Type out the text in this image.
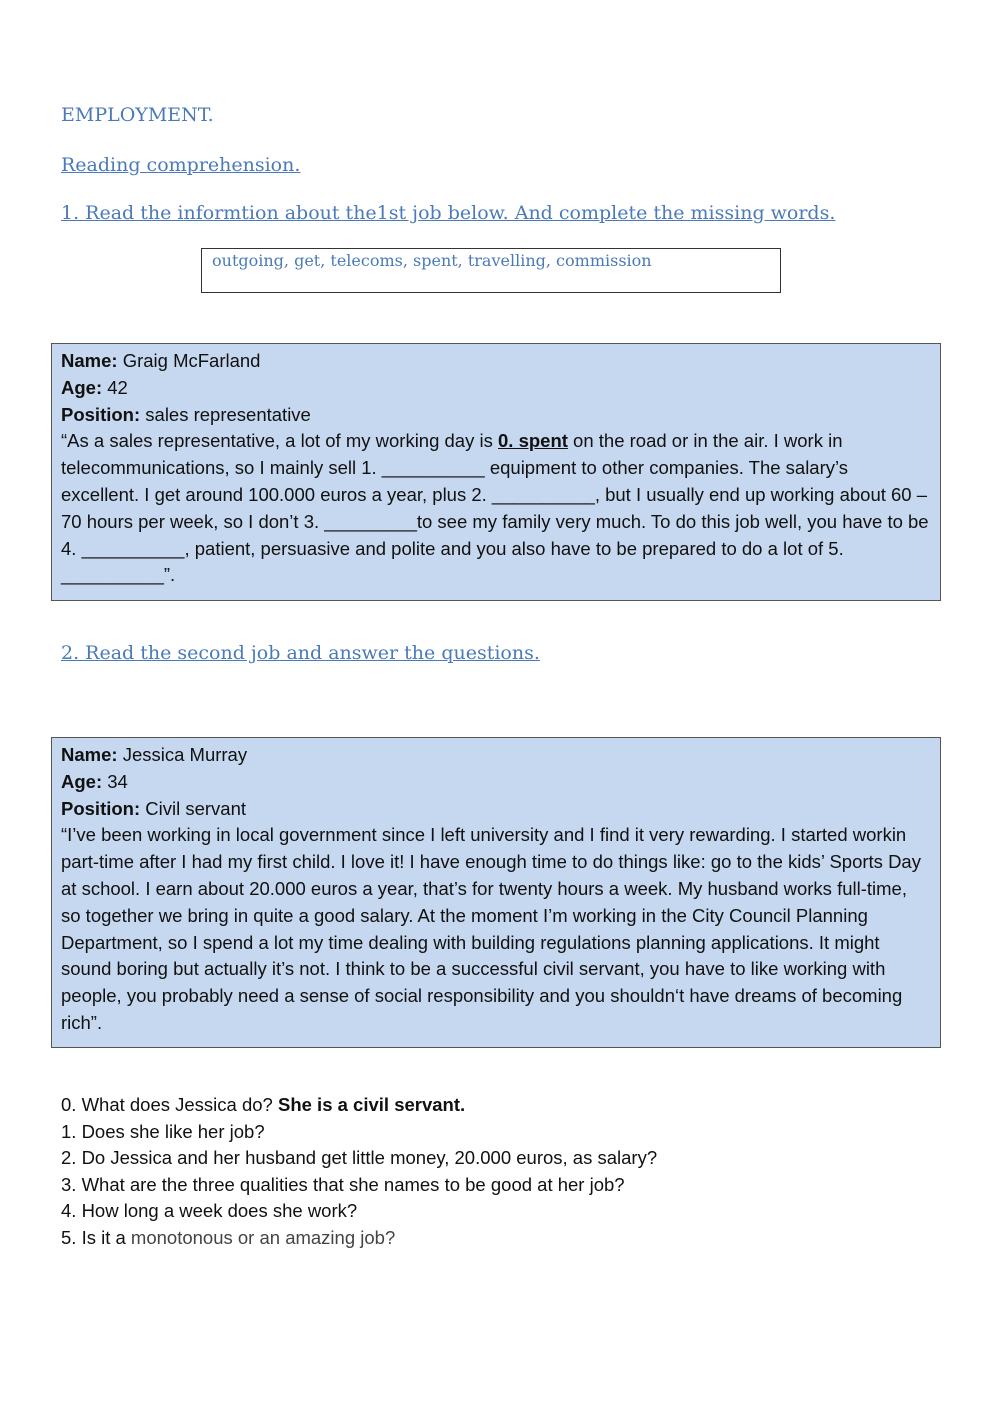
EMPLOYMENT.
Reading comprehension.
1. Read the informtion about the1st job below. And complete the missing words.
outgoing, get, telecoms, spent, travelling, commission

Name: Graig McFarland

Age: 42

Position: sales representative

“As a sales representative, a lot of my working day is 0. spent on the road or in the air. I work in telecommunications, so I mainly sell 1. __________ equipment to other companies. The salary’s excellent. I get around 100.000 euros a year, plus 2. __________, but I usually end up working about 60 – 70 hours per week, so I don’t 3. _________to see my family very much. To do this job well, you have to be 4. __________, patient, persuasive and polite and you also have to be prepared to do a lot of 5. __________”.

2. Read the second job and answer the questions.

Name: Jessica Murray

Age: 34

Position: Civil servant

“I’ve been working in local government since I left university and I find it very rewarding. I started workin part-time after I had my first child. I love it! I have enough time to do things like: go to the kids’ Sports Day at school. I earn about 20.000 euros a year, that’s for twenty hours a week. My husband works full-time, so together we bring in quite a good salary. At the moment I’m working in the City Council Planning Department, so I spend a lot my time dealing with building regulations planning applications. It might sound boring but actually it’s not. I think to be a successful civil servant, you have to like working with people, you probably need a sense of social responsibility and you shouldn‘t have dreams of becoming rich”.

0. What does Jessica do? She is a civil servant.
1. Does she like her job?
2. Do Jessica and her husband get little money, 20.000 euros, as salary?
3. What are the three qualities that she names to be good at her job?
4. How long a week does she work?
5. Is it a monotonous or an amazing job?
